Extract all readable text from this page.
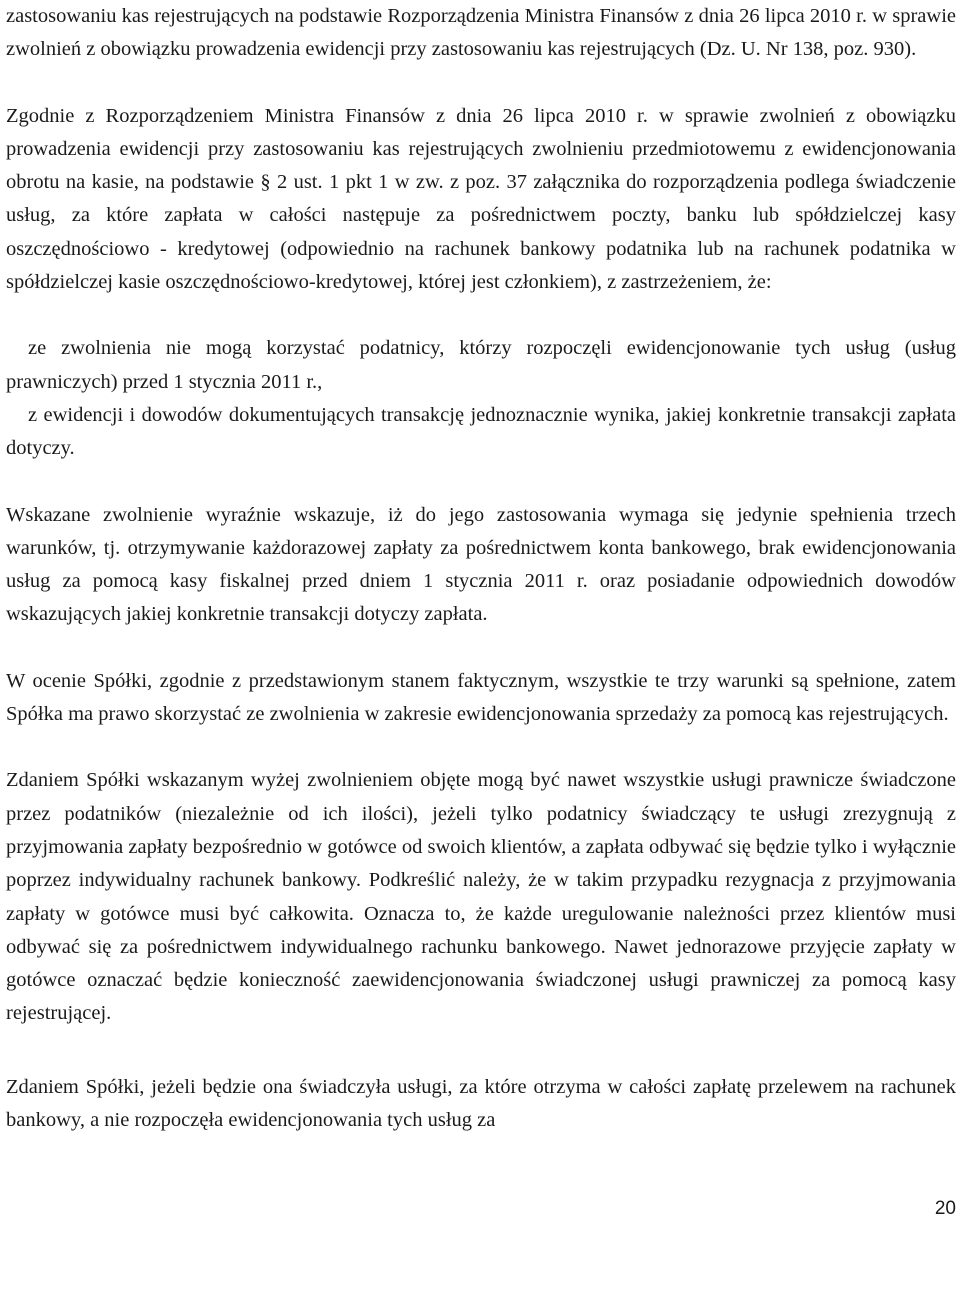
zastosowaniu kas rejestrujących na podstawie Rozporządzenia Ministra Finansów z dnia 26 lipca 2010 r. w sprawie zwolnień z obowiązku prowadzenia ewidencji przy zastosowaniu kas rejestrujących (Dz. U. Nr 138, poz. 930).

Zgodnie z Rozporządzeniem Ministra Finansów z dnia 26 lipca 2010 r. w sprawie zwolnień z obowiązku prowadzenia ewidencji przy zastosowaniu kas rejestrujących zwolnieniu przedmiotowemu z ewidencjonowania obrotu na kasie, na podstawie § 2 ust. 1 pkt 1 w zw. z poz. 37 załącznika do rozporządzenia podlega świadczenie usług, za które zapłata w całości następuje za pośrednictwem poczty, banku lub spółdzielczej kasy oszczędnościowo - kredytowej (odpowiednio na rachunek bankowy podatnika lub na rachunek podatnika w spółdzielczej kasie oszczędnościowo-kredytowej, której jest członkiem), z zastrzeżeniem, że:

ze zwolnienia nie mogą korzystać podatnicy, którzy rozpoczęli ewidencjonowanie tych usług (usług prawniczych) przed 1 stycznia 2011 r.,

z ewidencji i dowodów dokumentujących transakcję jednoznacznie wynika, jakiej konkretnie transakcji zapłata dotyczy.

Wskazane zwolnienie wyraźnie wskazuje, iż do jego zastosowania wymaga się jedynie spełnienia trzech warunków, tj. otrzymywanie każdorazowej zapłaty za pośrednictwem konta bankowego, brak ewidencjonowania usług za pomocą kasy fiskalnej przed dniem 1 stycznia 2011 r. oraz posiadanie odpowiednich dowodów wskazujących jakiej konkretnie transakcji dotyczy zapłata.

W ocenie Spółki, zgodnie z przedstawionym stanem faktycznym, wszystkie te trzy warunki są spełnione, zatem Spółka ma prawo skorzystać ze zwolnienia w zakresie ewidencjonowania sprzedaży za pomocą kas rejestrujących.

Zdaniem Spółki wskazanym wyżej zwolnieniem objęte mogą być nawet wszystkie usługi prawnicze świadczone przez podatników (niezależnie od ich ilości), jeżeli tylko podatnicy świadczący te usługi zrezygnują z przyjmowania zapłaty bezpośrednio w gotówce od swoich klientów, a zapłata odbywać się będzie tylko i wyłącznie poprzez indywidualny rachunek bankowy. Podkreślić należy, że w takim przypadku rezygnacja z przyjmowania zapłaty w gotówce musi być całkowita. Oznacza to, że każde uregulowanie należności przez klientów musi odbywać się za pośrednictwem indywidualnego rachunku bankowego. Nawet jednorazowe przyjęcie zapłaty w gotówce oznaczać będzie konieczność zaewidencjonowania świadczonej usługi prawniczej za pomocą kasy rejestrującej.

Zdaniem Spółki, jeżeli będzie ona świadczyła usługi, za które otrzyma w całości zapłatę przelewem na rachunek bankowy, a nie rozpoczęła ewidencjonowania tych usług za

20
